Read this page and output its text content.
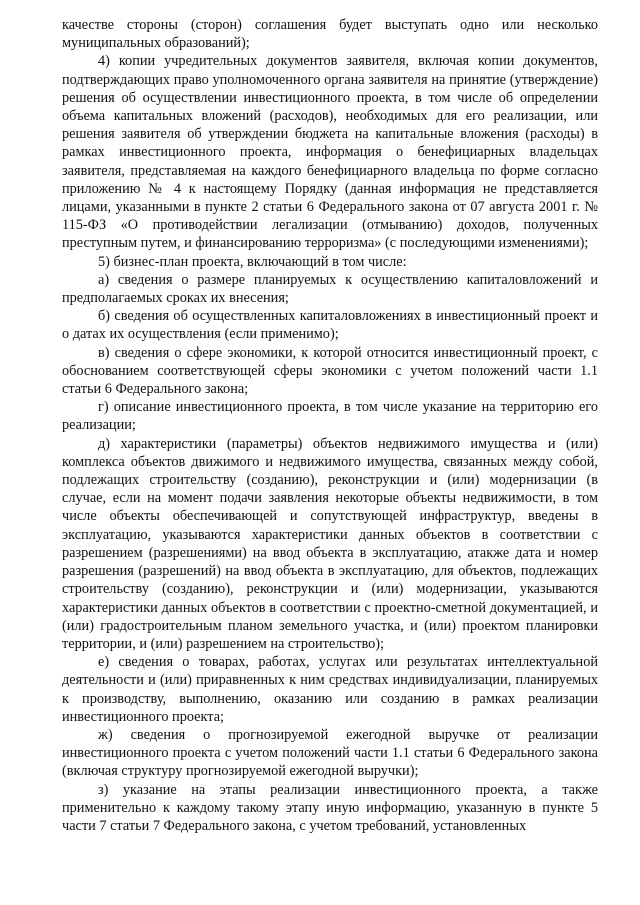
качестве стороны (сторон) соглашения будет выступать одно или несколько муниципальных образований);

4) копии учредительных документов заявителя, включая копии документов, подтверждающих право уполномоченного органа заявителя на принятие (утверждение) решения об осуществлении инвестиционного проекта, в том числе об определении объема капитальных вложений (расходов), необходимых для его реализации, или решения заявителя об утверждении бюджета на капитальные вложения (расходы) в рамках инвестиционного проекта, информация о бенефициарных владельцах заявителя, представляемая на каждого бенефициарного владельца по форме согласно приложению № 4 к настоящему Порядку (данная информация не представляется лицами, указанными в пункте 2 статьи 6 Федерального закона от 07 августа 2001 г. № 115-ФЗ «О противодействии легализации (отмыванию) доходов, полученных преступным путем, и финансированию терроризма» (с последующими изменениями);

5) бизнес-план проекта, включающий в том числе:

а) сведения о размере планируемых к осуществлению капиталовложений и предполагаемых сроках их внесения;

б) сведения об осуществленных капиталовложениях в инвестиционный проект и о датах их осуществления (если применимо);

в) сведения о сфере экономики, к которой относится инвестиционный проект, с обоснованием соответствующей сферы экономики с учетом положений части 1.1 статьи 6 Федерального закона;

г) описание инвестиционного проекта, в том числе указание на территорию его реализации;

д) характеристики (параметры) объектов недвижимого имущества и (или) комплекса объектов движимого и недвижимого имущества, связанных между собой, подлежащих строительству (созданию), реконструкции и (или) модернизации (в случае, если на момент подачи заявления некоторые объекты недвижимости, в том числе объекты обеспечивающей и сопутствующей инфраструктур, введены в эксплуатацию, указываются характеристики данных объектов в соответствии с разрешением (разрешениями) на ввод объекта в эксплуатацию, атакже дата и номер разрешения (разрешений) на ввод объекта в эксплуатацию, для объектов, подлежащих строительству (созданию), реконструкции и (или) модернизации, указываются характеристики данных объектов в соответствии с проектно-сметной документацией, и (или) градостроительным планом земельного участка, и (или) проектом планировки территории, и (или) разрешением на строительство);

е) сведения о товарах, работах, услугах или результатах интеллектуальной деятельности и (или) приравненных к ним средствах индивидуализации, планируемых к производству, выполнению, оказанию или созданию в рамках реализации инвестиционного проекта;

ж) сведения о прогнозируемой ежегодной выручке от реализации инвестиционного проекта с учетом положений части 1.1 статьи 6 Федерального закона (включая структуру прогнозируемой ежегодной выручки);

з) указание на этапы реализации инвестиционного проекта, а также применительно к каждому такому этапу иную информацию, указанную в пункте 5 части 7 статьи 7 Федерального закона, с учетом требований, установленных
